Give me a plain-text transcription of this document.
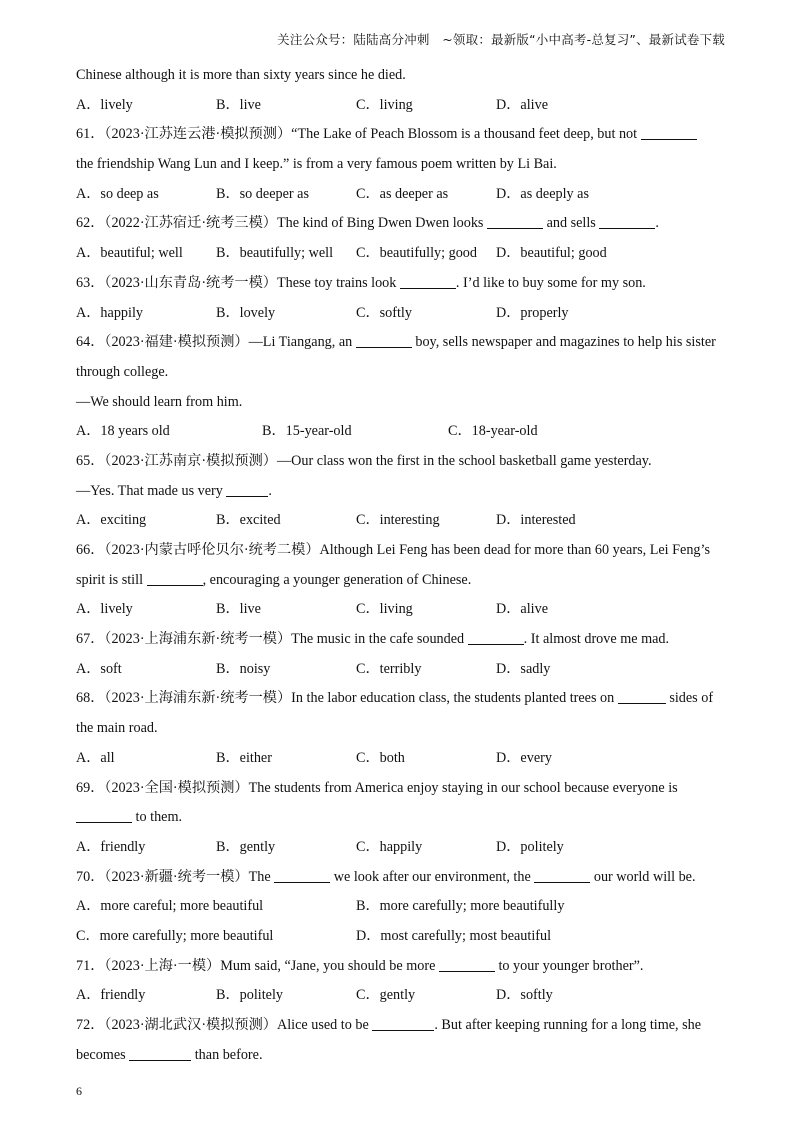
关注公众号：陆陆高分冲刺　~领取：最新版“小中高考-总复习”、最新试卷下载
Chinese although it is more than sixty years since he died.
A．lively	B．live	C．living	D．alive
61．（2023·江苏连云港·模拟预测）“The Lake of Peach Blossom is a thousand feet deep, but not
the friendship Wang Lun and I keep.” is from a very famous poem written by Li Bai.
A．so deep as	B．so deeper as	C．as deeper as	D．as deeply as
62．（2022·江苏宿迁·统考三模）The kind of Bing Dwen Dwen looks	and sells	.
A．beautiful; well B．beautifully; well C．beautifully; good D．beautiful; good
63．（2023·山东青岛·统考一模）These toy trains look	. I’d like to buy some for my son.
A．happily	B．lovely	C．softly	D．properly
64．（2023·福建·模拟预测）—Li Tiangang, an	boy, sells newspaper and magazines to help his sister
through college.
—We should learn from him.
A．18 years old	B．15-year-old	C．18-year-old
65．（2023·江苏南京·模拟预测）—Our class won the first in the school basketball game yesterday.
—Yes. That made us very	.
A．exciting	B．excited	C．interesting	D．interested
66．（2023·内蒙古呼伦贝尔·统考二模）Although Lei Feng has been dead for more than 60 years, Lei Feng’s
spirit is still	, encouraging a younger generation of Chinese.
A．lively	B．live	C．living	D．alive
67．（2023·上海浦东新·统考一模）The music in the cafe sounded	. It almost drove me mad.
A．soft	B．noisy	C．terribly	D．sadly
68．（2023·上海浦东新·统考一模）In the labor education class, the students planted trees on	sides of
the main road.
A．all	B．either	C．both	D．every
69．（2023·全国·模拟预测）The students from America enjoy staying in our school because everyone is
to them.
A．friendly	B．gently	C．happily	D．politely
70．（2023·新疆·统考一模）The	we look after our environment, the	our world will be.
A．more careful; more beautiful	B．more carefully; more beautifully
C．more carefully; more beautiful	D．most carefully; most beautiful
71．（2023·上海·一模）Mum said, “Jane, you should be more	to your younger brother”.
A．friendly	B．politely	C．gently	D．softly
72．（2023·湖北武汉·模拟预测）Alice used to be	. But after keeping running for a long time, she
becomes	than before.
6
